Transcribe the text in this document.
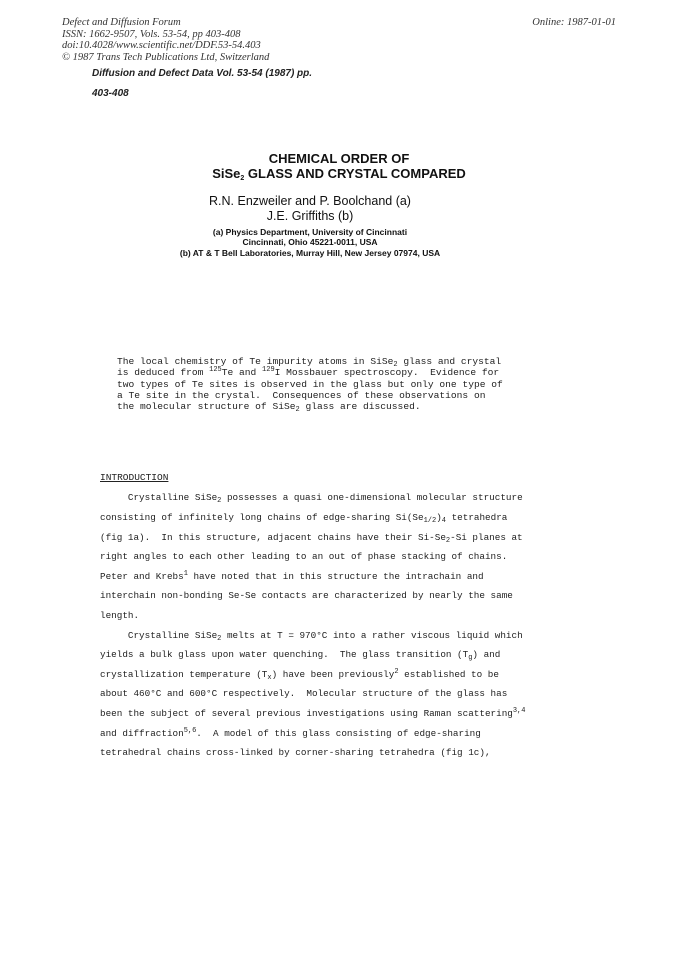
Defect and Diffusion Forum
ISSN: 1662-9507, Vols. 53-54, pp 403-408
doi:10.4028/www.scientific.net/DDF.53-54.403
© 1987 Trans Tech Publications Ltd, Switzerland
Online: 1987-01-01
Diffusion and Defect Data Vol. 53-54 (1987) pp. 403-408
CHEMICAL ORDER OF
SiSe$_2$ GLASS AND CRYSTAL COMPARED
R.N. Enzweiler and P. Boolchand (a)
J.E. Griffiths (b)
(a) Physics Department, University of Cincinnati
Cincinnati, Ohio 45221-0011, USA
(b) AT & T Bell Laboratories, Murray Hill, New Jersey 07974, USA
The local chemistry of Te impurity atoms in SiSe$_2$ glass and crystal
is deduced from $^{125}$Te and $^{129}$I Mossbauer spectroscopy.  Evidence for
two types of Te sites is observed in the glass but only one type of
a Te site in the crystal.  Consequences of these observations on
the molecular structure of SiSe$_2$ glass are discussed.
INTRODUCTION
Crystalline SiSe$_2$ possesses a quasi one-dimensional molecular structure
consisting of infinitely long chains of edge-sharing $Si(Se_{1/2})_4$ tetrahedra
(fig 1a).  In this structure, adjacent chains have their $Si-Se_2-Si$ planes at
right angles to each other leading to an out of phase stacking of chains.
Peter and Krebs$^1$ have noted that in this structure the intrachain and
interchain non-bonding Se-Se contacts are characterized by nearly the same
length.
Crystalline SiSe$_2$ melts at T = 970°C into a rather viscous liquid which
yields a bulk glass upon water quenching.  The glass transition $(T_g)$ and
crystallization temperature $(T_x)$ have been previously$^2$ established to be
about 460°C and 600°C respectively.  Molecular structure of the glass has
been the subject of several previous investigations using Raman scattering$^{3,4}$
and diffraction$^{5,6}$.  A model of this glass consisting of edge-sharing
tetrahedral chains cross-linked by corner-sharing tetrahedra (fig 1c),
